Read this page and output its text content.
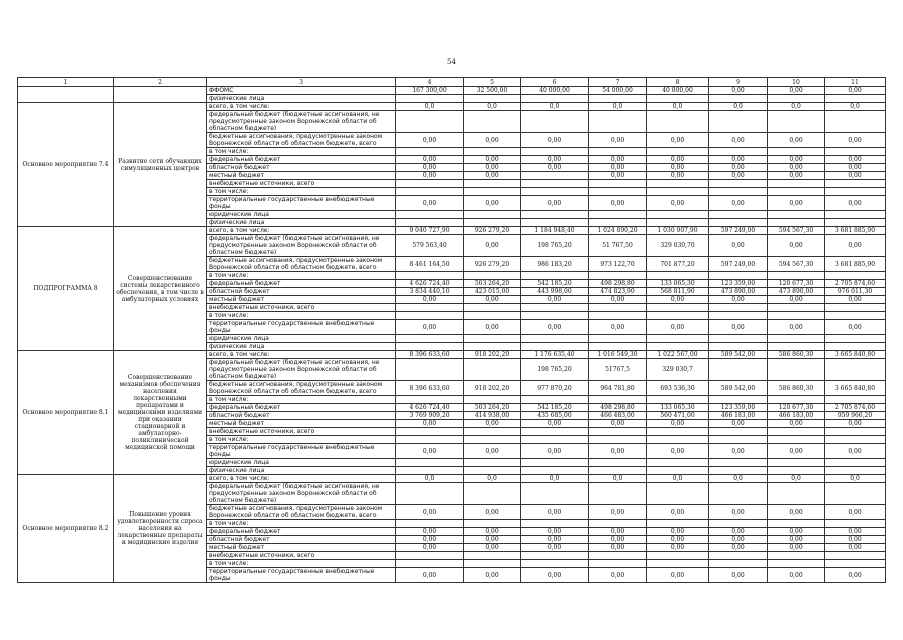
54
1	2	3	4	5	6	7	8	9	10	11
		ФФОМС	167 300,00	32 500,00	40 000,00	54 000,00	40 800,00	0,00	0,00	0,00
		физические лица								
Основное мероприятие 7.4	Развитие сети обучающих симуляционных центров	всего, в том числе:	0,0	0,0	0,0	0,0	0,0	0,0	0,0	0,0
		федеральный бюджет (бюджетные ассигнования, не предусмотренные законом Воронежской области об областном бюджете)								
		бюджетные ассигнования, предусмотренные законом Воронежской области об областном бюджете, всего	0,00	0,00	0,00	0,00	0,00	0,00	0,00	0,00
		в том числе:								
		федеральный бюджет	0,00	0,00	0,00	0,00	0,00	0,00	0,00	0,00
		областной бюджет	0,00	0,00	0,00	0,00	0,00	0,00	0,00	0,00
		местный бюджет	0,00	0,00		0,00	0,00	0,00	0,00	0,00
		внебюджетные источники, всего								
		в том числе:								
		территориальные государственные внебюджетные фонды	0,00	0,00	0,00	0,00	0,00	0,00	0,00	0,00
		юридические лица								
		физические лица								
ПОДПРОГРАММА 8	Совершенствование системы лекарственного обеспечения, в том числе в амбулаторных условиях	всего, в том числе:	9 040 727,90	926 279,20	1 184 948,40	1 024 890,20	1 030 907,90	597 249,00	594 567,30	3 681 885,90
		федеральный бюджет (бюджетные ассигнования, не предусмотренные законом Воронежской области об областном бюджете)	579 563,40	0,00	198 765,20	51 767,50	329 030,70	0,00	0,00	0,00
		бюджетные ассигнования, предусмотренные законом Воронежской области об областном бюджете, всего	8 461 164,50	926 279,20	986 183,20	973 122,70	701 877,20	597 249,00	594 567,30	3 681 885,90
		в том числе:								
		федеральный бюджет	4 626 724,40	503 264,20	542 185,20	498 298,80	133 065,30	123 359,00	120 677,30	2 705 874,60
		областной бюджет	3 834 440,10	423 015,00	443 998,00	474 823,90	568 811,90	473 890,00	473 890,00	976 011,30
		местный бюджет	0,00	0,00	0,00	0,00	0,00	0,00	0,00	0,00
		внебюджетные источники, всего								
		в том числе:								
		территориальные государственные внебюджетные фонды	0,00	0,00	0,00	0,00	0,00	0,00	0,00	0,00
		юридические лица								
		физические лица								
Основное мероприятие 8.1	Совершенствование механизмов обеспечения населения лекарственными препаратами и медицинскими изделиями при оказании стационарной и амбулаторно-поликлинической медицинской помощи	всего, в том числе:	8 396 633,60	918 202,20	1 176 635,40	1 016 549,30	1 022 567,00	589 542,00	586 860,30	3 665 840,80
		федеральный бюджет (бюджетные ассигнования, не предусмотренные законом Воронежской области об областном бюджете)			198 765,20	51767,5	329 030,7			
		бюджетные ассигнования, предусмотренные законом Воронежской области об областном бюджете, всего	8 396 633,60	918 202,20	977 870,20	964 781,80	693 536,30	589 542,00	586 860,30	3 665 840,80
		в том числе:								
		федеральный бюджет	4 626 724,40	503 264,20	542 185,20	498 298,80	133 065,30	123 359,00	120 677,30	2 705 874,60
		областной бюджет	3 769 909,20	414 938,00	435 685,00	466 483,00	560 471,00	466 183,00	466 183,00	959 966,20
		местный бюджет	0,00	0,00	0,00	0,00	0,00	0,00	0,00	0,00
		внебюджетные источники, всего								
		в том числе:								
		территориальные государственные внебюджетные фонды	0,00	0,00	0,00	0,00	0,00	0,00	0,00	0,00
		юридические лица								
		физические лица								
Основное мероприятие 8.2	Повышение уровня удовлетворенности спроса населения на лекарственные препараты и медицинские изделия	всего, в том числе:	0,0	0,0	0,0	0,0	0,0	0,0	0,0	0,0
		федеральный бюджет (бюджетные ассигнования, не предусмотренные законом Воронежской области об областном бюджете)								
		бюджетные ассигнования, предусмотренные законом Воронежской области об областном бюджете, всего	0,00	0,00	0,00	0,00	0,00	0,00	0,00	0,00
		в том числе:								
		федеральный бюджет	0,00	0,00	0,00	0,00	0,00	0,00	0,00	0,00
		областной бюджет	0,00	0,00	0,00	0,00	0,00	0,00	0,00	0,00
		местный бюджет	0,00	0,00	0,00	0,00	0,00	0,00	0,00	0,00
		внебюджетные источники, всего								
		в том числе:								
		территориальные государственные внебюджетные фонды	0,00	0,00	0,00	0,00	0,00	0,00	0,00	0,00
